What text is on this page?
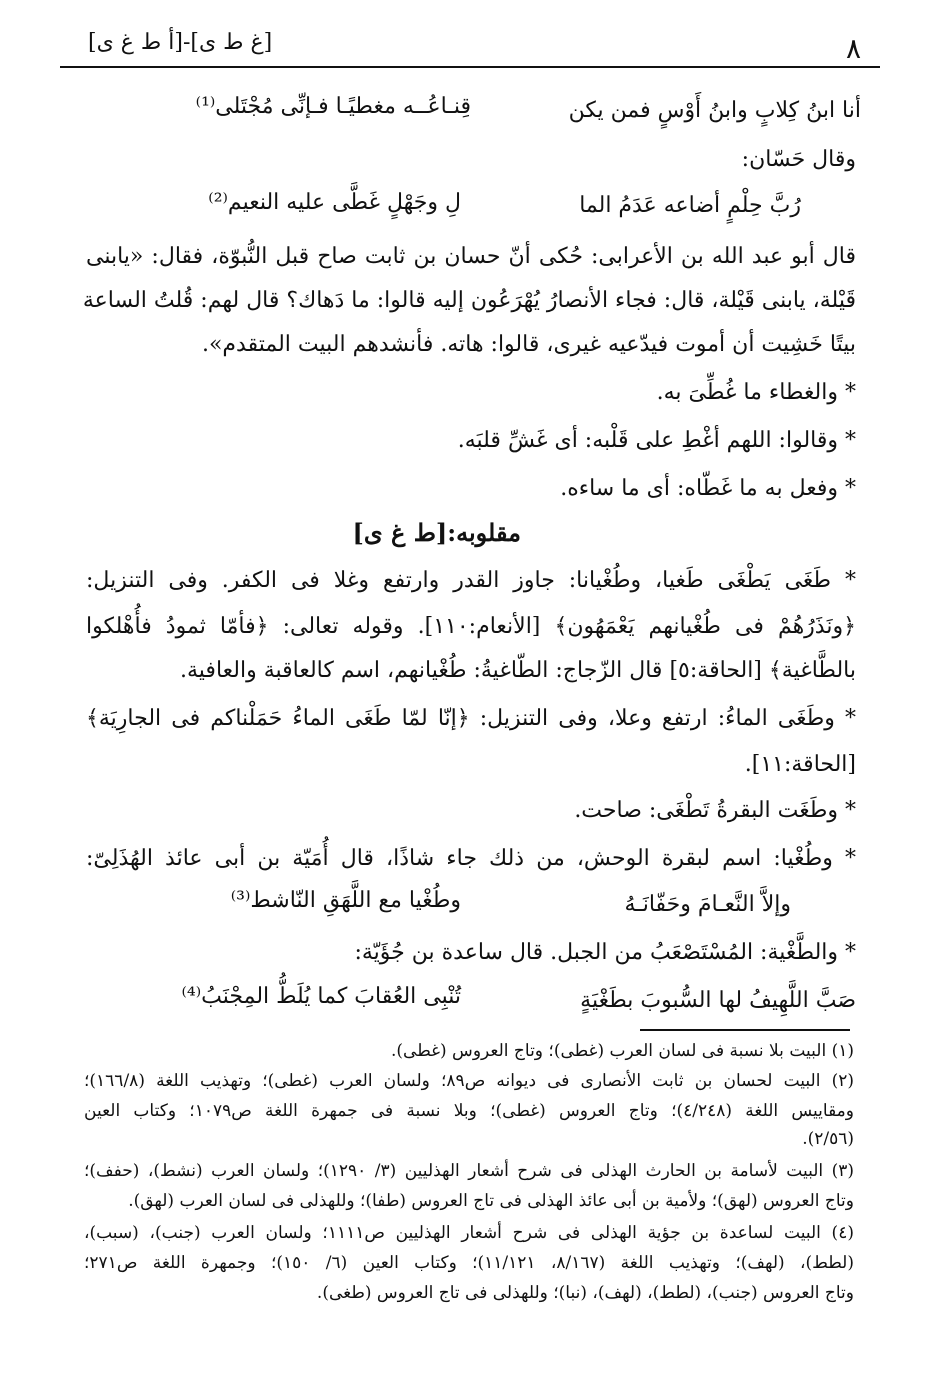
[غ ط ى]-[أ ط غ ى]	٨
أنا ابنُ كِلابٍ وابنُ أَوْسٍ فمن يكن
قِنـاعُــه مغطيًـا فـإنِّى مُجْتَلى⁽¹⁾
وقال حَسّان:
رُبَّ حِلْمٍ أضاعه عَدَمُ الما
لِ وجَهْلٍ غَطَّى عليه النعيم⁽²⁾
قال أبو عبد الله بن الأعرابى: حُكى أنّ حسان بن ثابت صاح قبل النُّبوّة، فقال: «يابنى
قَيْلة، يابنى قَيْلة، قال: فجاء الأنصارُ يُهْرَعُون إليه قالوا: ما دَهاك؟ قال لهم: قُلتُ الساعة
بيتًا خَشِيت أن أموت فيدّعيه غيرى، قالوا: هاته. فأنشدهم البيت المتقدم».
* والغطاء ما غُطِّىَ به.
* وقالوا: اللهم أغْطِ على قَلْبه: أى غَشِّ قلبَه.
* وفعل به ما غَطّاه: أى ما ساءه.
مقلوبه:[ط غ ى]
* طَغَى يَطْغَى طَغيا، وطُغْيانا: جاوز القدر وارتفع وغلا فى الكفر. وفى التنزيل:
﴿ونَذَرُهُمْ فى طُغْيانهم يَعْمَهُون﴾ [الأنعام:١١٠]. وقوله تعالى: ﴿فأمّا ثمودُ فأُهْلكوا
بالطَّاغية﴾ [الحاقة:٥] قال الزّجاج: الطّاغيةُ: طُغْيانهم، اسم كالعاقبة والعافية.
* وطَغَى الماءُ: ارتفع وعلا، وفى التنزيل: ﴿إنّا لمّا طَغَى الماءُ حَمَلْناكم فى الجارِيَة﴾
[الحاقة:١١].
* وطَغَت البقرةُ تَطْغَى: صاحت.
* وطُغْيا: اسم لبقرة الوحش، من ذلك جاء شاذًا، قال أُمَيّة بن أبى عائذ الهُذَلِىّ:
وإلاَّ النَّعـامَ وحَفّانَـهُ
وطُغْيا مع اللَّهَقِ النّاشط⁽³⁾
* والطَّغْية: المُسْتَصْعَبُ من الجبل. قال ساعدة بن جُؤَيّة:
صَبَّ اللَّهِيفُ لها السُّبوبَ بطَغْيَةٍ
تُنْبِى العُقابَ كما يُلَطُّ المِجْنَبُ⁽⁴⁾
(١) البيت بلا نسبة فى لسان العرب (غطى)؛ وتاج العروس (غطى).
(٢) البيت لحسان بن ثابت الأنصارى فى ديوانه ص٨٩؛ ولسان العرب (غطى)؛ وتهذيب اللغة (١٦٦/٨)؛
ومقاييس اللغة (٤/٢٤٨)؛ وتاج العروس (غطى)؛ وبلا نسبة فى جمهرة اللغة ص١٠٧٩؛ وكتاب العين
(٢/٥٦).
(٣) البيت لأسامة بن الحارث الهذلى فى شرح أشعار الهذليين (٣/ ١٢٩٠)؛ ولسان العرب (نشط)، (حفف)؛
وتاج العروس (لهق)؛ ولأمية بن أبى عائذ الهذلى فى تاج العروس (طفا)؛ وللهذلى فى لسان العرب (لهق).
(٤) البيت لساعدة بن جؤية الهذلى فى شرح أشعار الهذليين ص١١١١؛ ولسان العرب (جنب)، (سبب)،
(لطط)، (لهف)؛ وتهذيب اللغة (٨/١٦٧، ١١/١٢١)؛ وكتاب العين (٦/ ١٥٠)؛ وجمهرة اللغة ص٢٧١؛
وتاج العروس (جنب)، (لطط)، (لهف)، (نبا)؛ وللهذلى فى تاج العروس (طغى).
